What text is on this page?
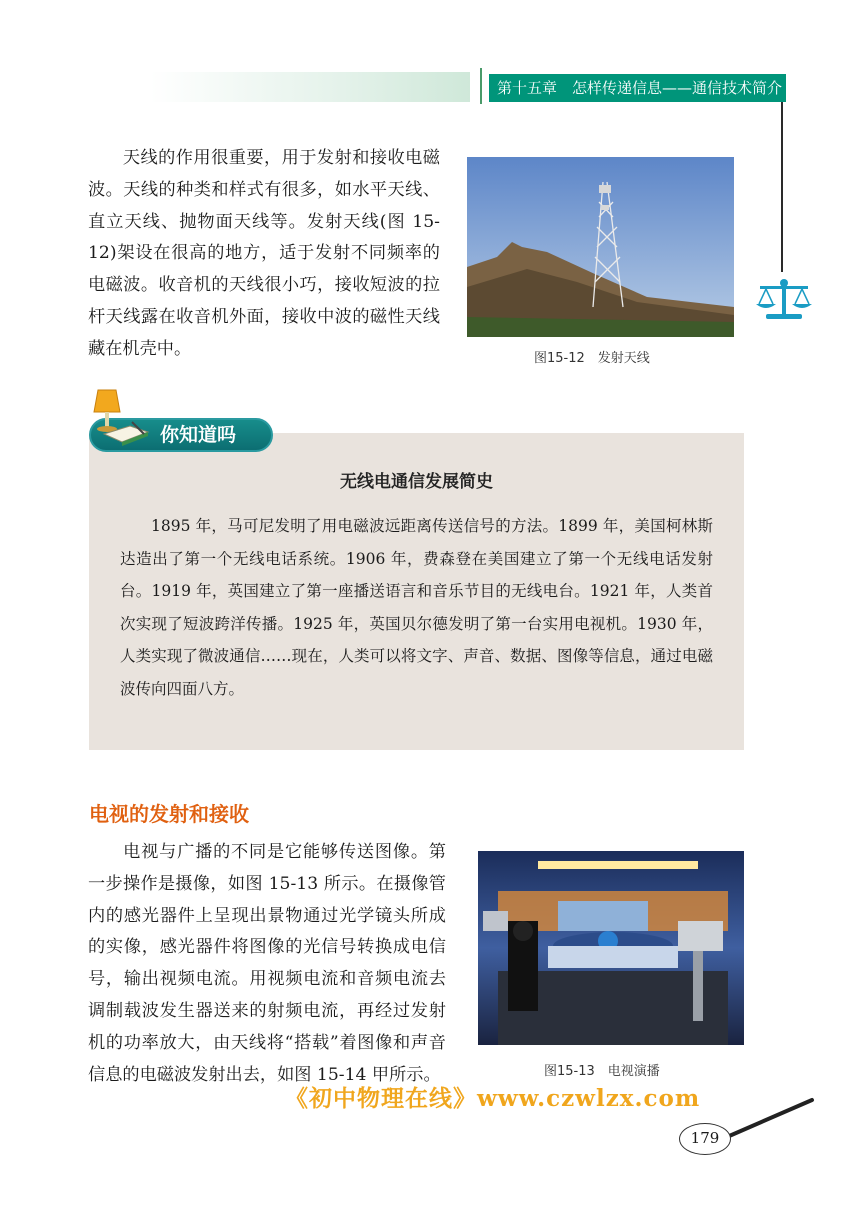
第十五章　怎样传递信息——通信技术简介

天线的作用很重要，用于发射和接收电磁波。天线的种类和样式有很多，如水平天线、直立天线、抛物面天线等。发射天线(图 15-12)架设在很高的地方，适于发射不同频率的电磁波。收音机的天线很小巧，接收短波的拉杆天线露在收音机外面，接收中波的磁性天线藏在机壳中。	图15-12　发射天线
你知道吗
无线电通信发展简史

1895 年，马可尼发明了用电磁波远距离传送信号的方法。1899 年，美国柯林斯达造出了第一个无线电话系统。1906 年，费森登在美国建立了第一个无线电话发射台。1919 年，英国建立了第一座播送语言和音乐节目的无线电台。1921 年，人类首次实现了短波跨洋传播。1925 年，英国贝尔德发明了第一台实用电视机。1930 年，人类实现了微波通信……现在，人类可以将文字、声音、数据、图像等信息，通过电磁波传向四面八方。

电视的发射和接收

电视与广播的不同是它能够传送图像。第一步操作是摄像，如图 15-13 所示。在摄像管内的感光器件上呈现出景物通过光学镜头所成的实像，感光器件将图像的光信号转换成电信号，输出视频电流。用视频电流和音频电流去调制载波发生器送来的射频电流，再经过发射机的功率放大，由天线将“搭载”着图像和声音信息的电磁波发射出去，如图 15-14 甲所示。	图15-13　电视演播
《初中物理在线》www.czwlzx.com
179
